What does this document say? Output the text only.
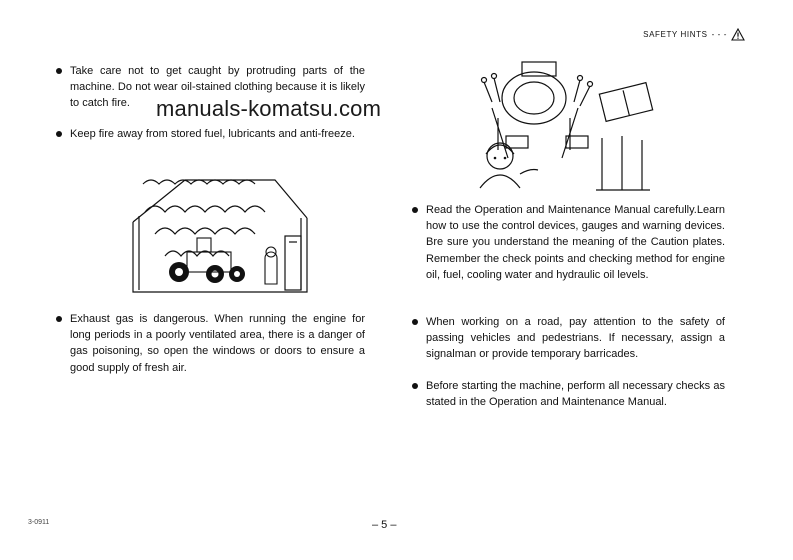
SAFETY HINTS - - -
Take care not to get caught by protruding parts of the machine. Do not wear oil-stained clothing because it is likely to catch fire.	manuals-komatsu.com
Keep fire away from stored fuel, lubricants and anti-freeze.
Exhaust gas is dangerous. When running the engine for long periods in a poorly ventilated area, there is a danger of gas poisoning, so open the windows or doors to ensure a good supply of fresh air.
Read the Operation and Maintenance Manual carefully.Learn how to use the control devices, gauges and warning devices. Bre sure you understand the meaning of the Caution plates. Remember the check points and checking method for engine oil, fuel, cooling water and hydraulic oil levels.
When working on a road, pay attention to the safety of passing vehicles and pedestrians. If necessary, assign a signalman or provide temporary barricades.
Before starting the machine, perform all necessary checks as stated in the Operation and Maintenance Manual.
3-0911	– 5 –
